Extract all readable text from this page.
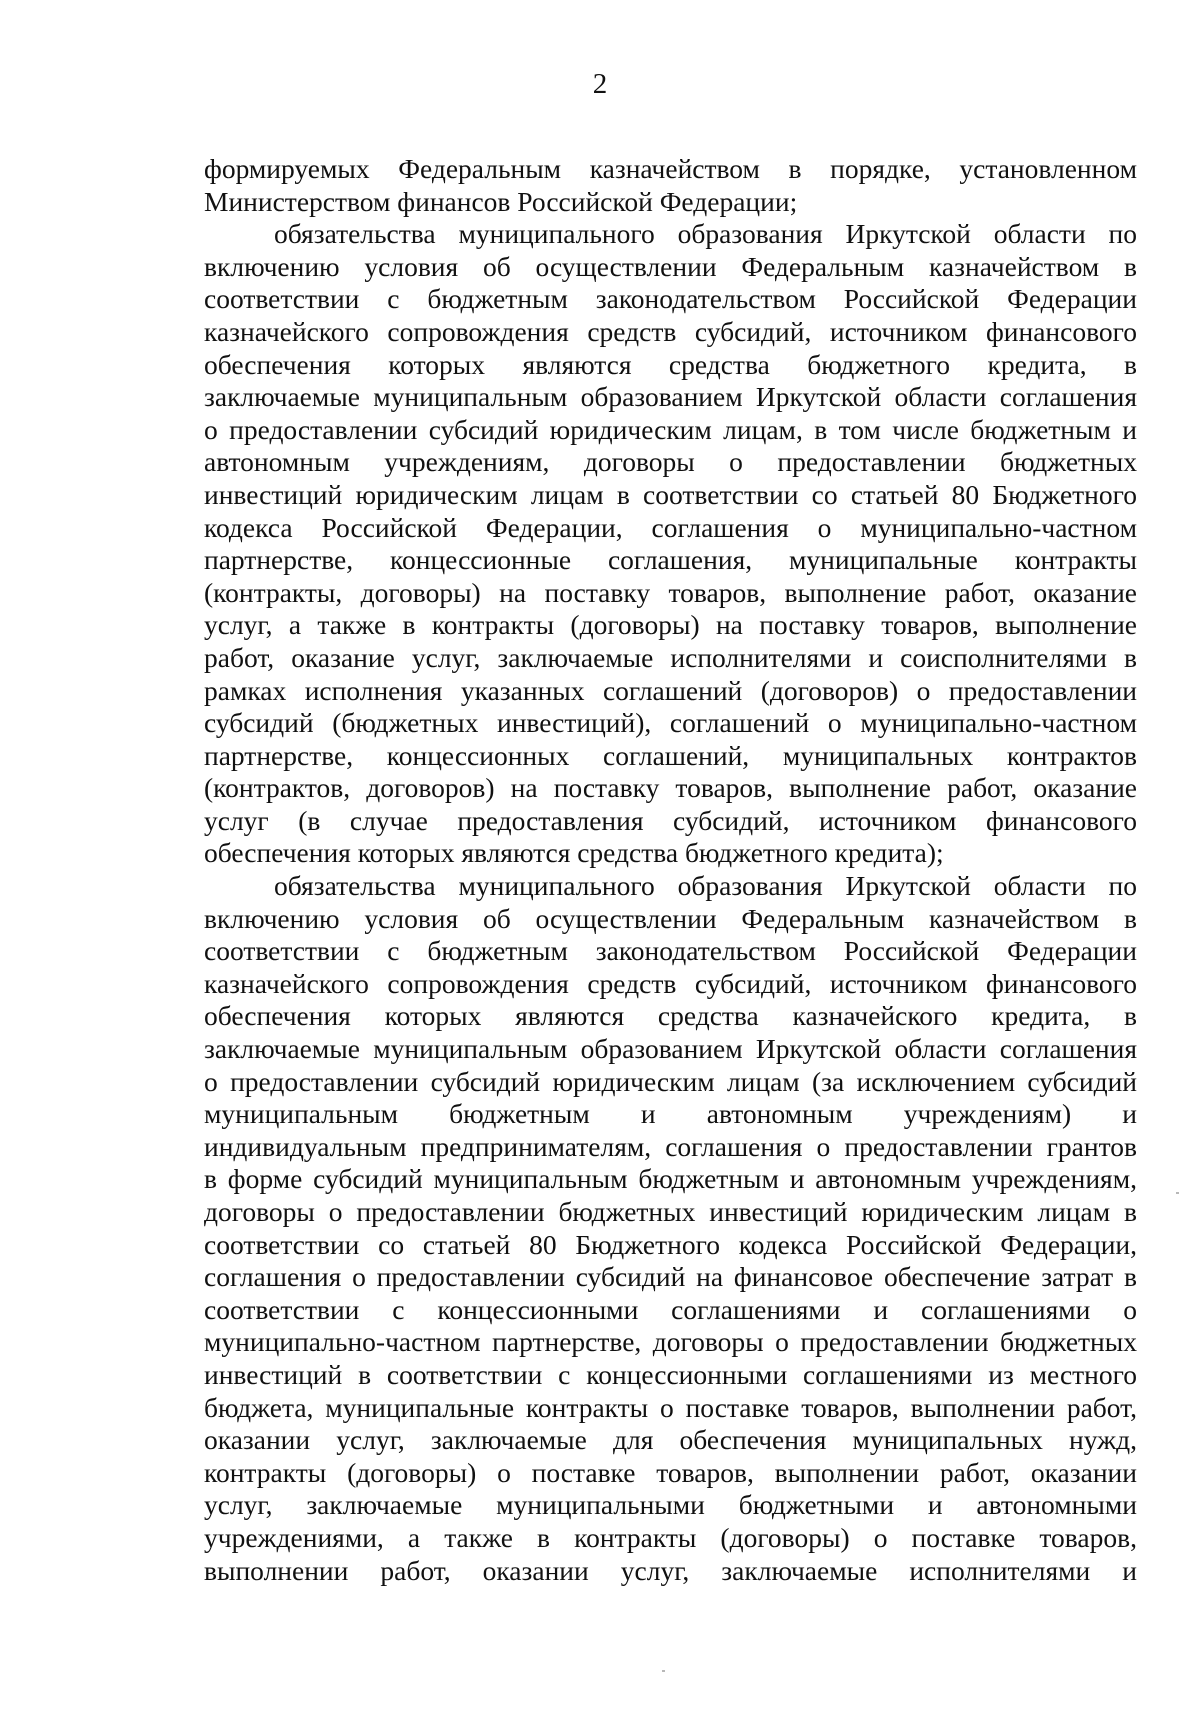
2
формируемых Федеральным казначейством в порядке, установленном
Министерством финансов Российской Федерации;
обязательства муниципального образования Иркутской области по
включению условия об осуществлении Федеральным казначейством в
соответствии с бюджетным законодательством Российской Федерации
казначейского сопровождения средств субсидий, источником финансового
обеспечения которых являются средства бюджетного кредита, в
заключаемые муниципальным образованием Иркутской области соглашения
о предоставлении субсидий юридическим лицам, в том числе бюджетным и
автономным учреждениям, договоры о предоставлении бюджетных
инвестиций юридическим лицам в соответствии со статьей 80 Бюджетного
кодекса Российской Федерации, соглашения о муниципально-частном
партнерстве, концессионные соглашения, муниципальные контракты
(контракты, договоры) на поставку товаров, выполнение работ, оказание
услуг, а также в контракты (договоры) на поставку товаров, выполнение
работ, оказание услуг, заключаемые исполнителями и соисполнителями в
рамках исполнения указанных соглашений (договоров) о предоставлении
субсидий (бюджетных инвестиций), соглашений о муниципально-частном
партнерстве, концессионных соглашений, муниципальных контрактов
(контрактов, договоров) на поставку товаров, выполнение работ, оказание
услуг (в случае предоставления субсидий, источником финансового
обеспечения которых являются средства бюджетного кредита);
обязательства муниципального образования Иркутской области по
включению условия об осуществлении Федеральным казначейством в
соответствии с бюджетным законодательством Российской Федерации
казначейского сопровождения средств субсидий, источником финансового
обеспечения которых являются средства казначейского кредита, в
заключаемые муниципальным образованием Иркутской области соглашения
о предоставлении субсидий юридическим лицам (за исключением субсидий
муниципальным бюджетным и автономным учреждениям) и
индивидуальным предпринимателям, соглашения о предоставлении грантов
в форме субсидий муниципальным бюджетным и автономным учреждениям,
договоры о предоставлении бюджетных инвестиций юридическим лицам в
соответствии со статьей 80 Бюджетного кодекса Российской Федерации,
соглашения о предоставлении субсидий на финансовое обеспечение затрат в
соответствии с концессионными соглашениями и соглашениями о
муниципально-частном партнерстве, договоры о предоставлении бюджетных
инвестиций в соответствии с концессионными соглашениями из местного
бюджета, муниципальные контракты о поставке товаров, выполнении работ,
оказании услуг, заключаемые для обеспечения муниципальных нужд,
контракты (договоры) о поставке товаров, выполнении работ, оказании
услуг, заключаемые муниципальными бюджетными и автономными
учреждениями, а также в контракты (договоры) о поставке товаров,
выполнении работ, оказании услуг, заключаемые исполнителями и
